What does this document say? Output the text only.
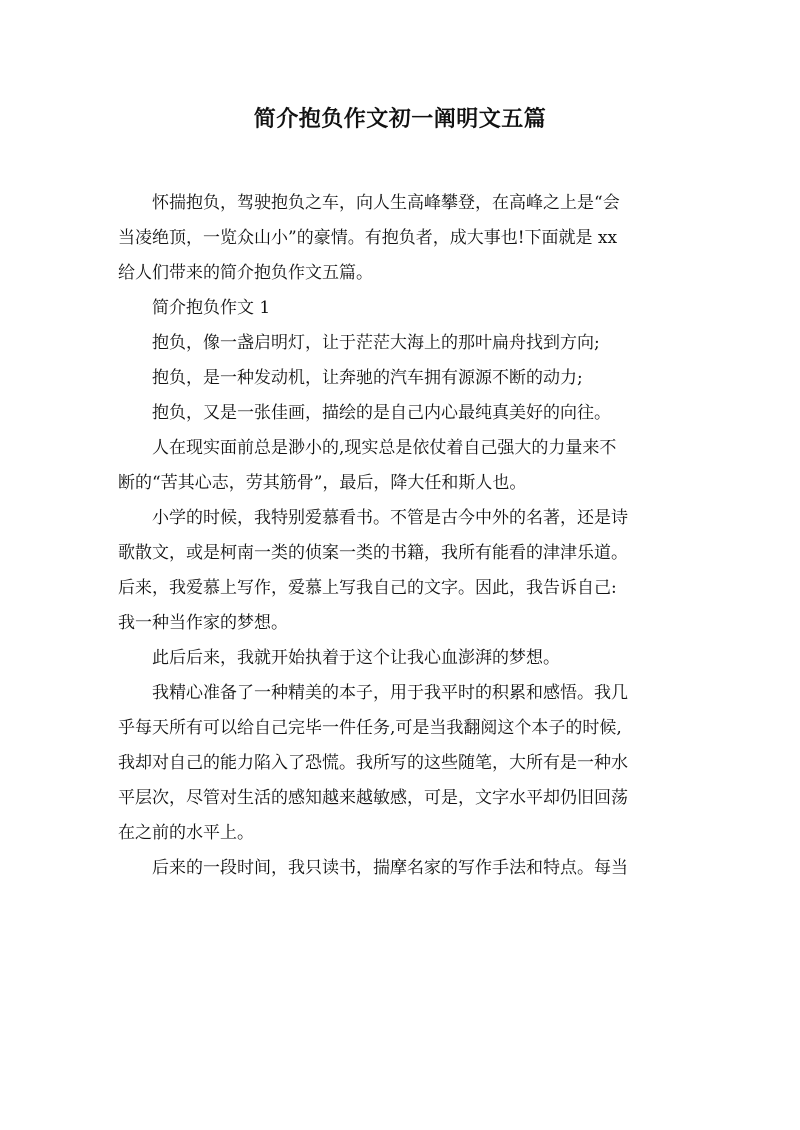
简介抱负作文初一阐明文五篇
怀揣抱负，驾驶抱负之车，向人生高峰攀登，在高峰之上是“会
当凌绝顶，一览众山小”的豪情。有抱负者，成大事也!下面就是 xx
给人们带来的简介抱负作文五篇。
简介抱负作文 1
抱负，像一盏启明灯，让于茫茫大海上的那叶扁舟找到方向;
抱负，是一种发动机，让奔驰的汽车拥有源源不断的动力;
抱负，又是一张佳画，描绘的是自己内心最纯真美好的向往。
人在现实面前总是渺小的,现实总是依仗着自己强大的力量来不
断的“苦其心志，劳其筋骨”，最后，降大任和斯人也。
小学的时候，我特别爱慕看书。不管是古今中外的名著，还是诗
歌散文，或是柯南一类的侦案一类的书籍，我所有能看的津津乐道。
后来，我爱慕上写作，爱慕上写我自己的文字。因此，我告诉自己:
我一种当作家的梦想。
此后后来，我就开始执着于这个让我心血澎湃的梦想。
我精心准备了一种精美的本子，用于我平时的积累和感悟。我几
乎每天所有可以给自己完毕一件任务,可是当我翻阅这个本子的时候,
我却对自己的能力陷入了恐慌。我所写的这些随笔，大所有是一种水
平层次，尽管对生活的感知越来越敏感，可是，文字水平却仍旧回荡
在之前的水平上。
后来的一段时间，我只读书，揣摩名家的写作手法和特点。每当
